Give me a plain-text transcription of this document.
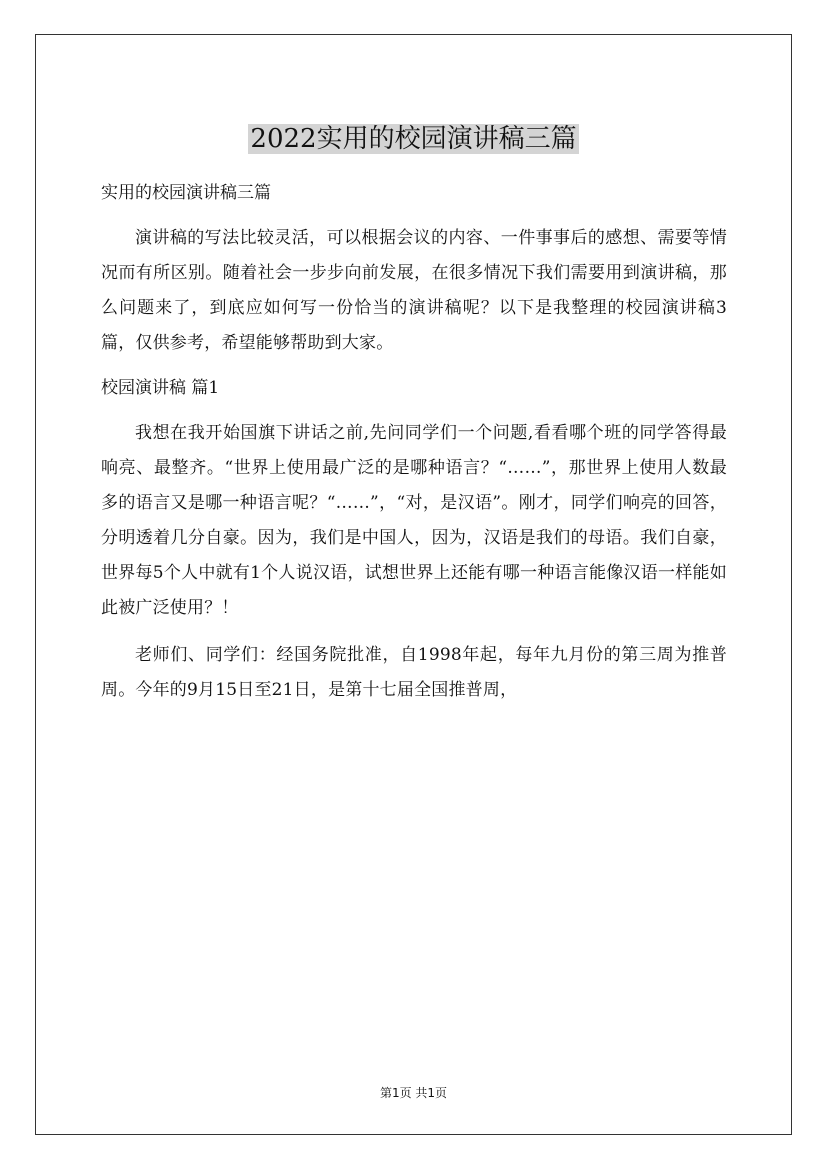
2022实用的校园演讲稿三篇

实用的校园演讲稿三篇

演讲稿的写法比较灵活，可以根据会议的内容、一件事事后的感想、需要等情况而有所区别。随着社会一步步向前发展，在很多情况下我们需要用到演讲稿，那么问题来了，到底应如何写一份恰当的演讲稿呢？以下是我整理的校园演讲稿3篇，仅供参考，希望能够帮助到大家。

校园演讲稿 篇1

我想在我开始国旗下讲话之前,先问同学们一个问题,看看哪个班的同学答得最响亮、最整齐。“世界上使用最广泛的是哪种语言？“……”，那世界上使用人数最多的语言又是哪一种语言呢？“……”，“对，是汉语”。刚才，同学们响亮的回答，分明透着几分自豪。因为，我们是中国人，因为，汉语是我们的母语。我们自豪，世界每5个人中就有1个人说汉语，试想世界上还能有哪一种语言能像汉语一样能如此被广泛使用？！

老师们、同学们：经国务院批准，自1998年起，每年九月份的第三周为推普周。今年的9月15日至21日，是第十七届全国推普周，

第1页 共1页
